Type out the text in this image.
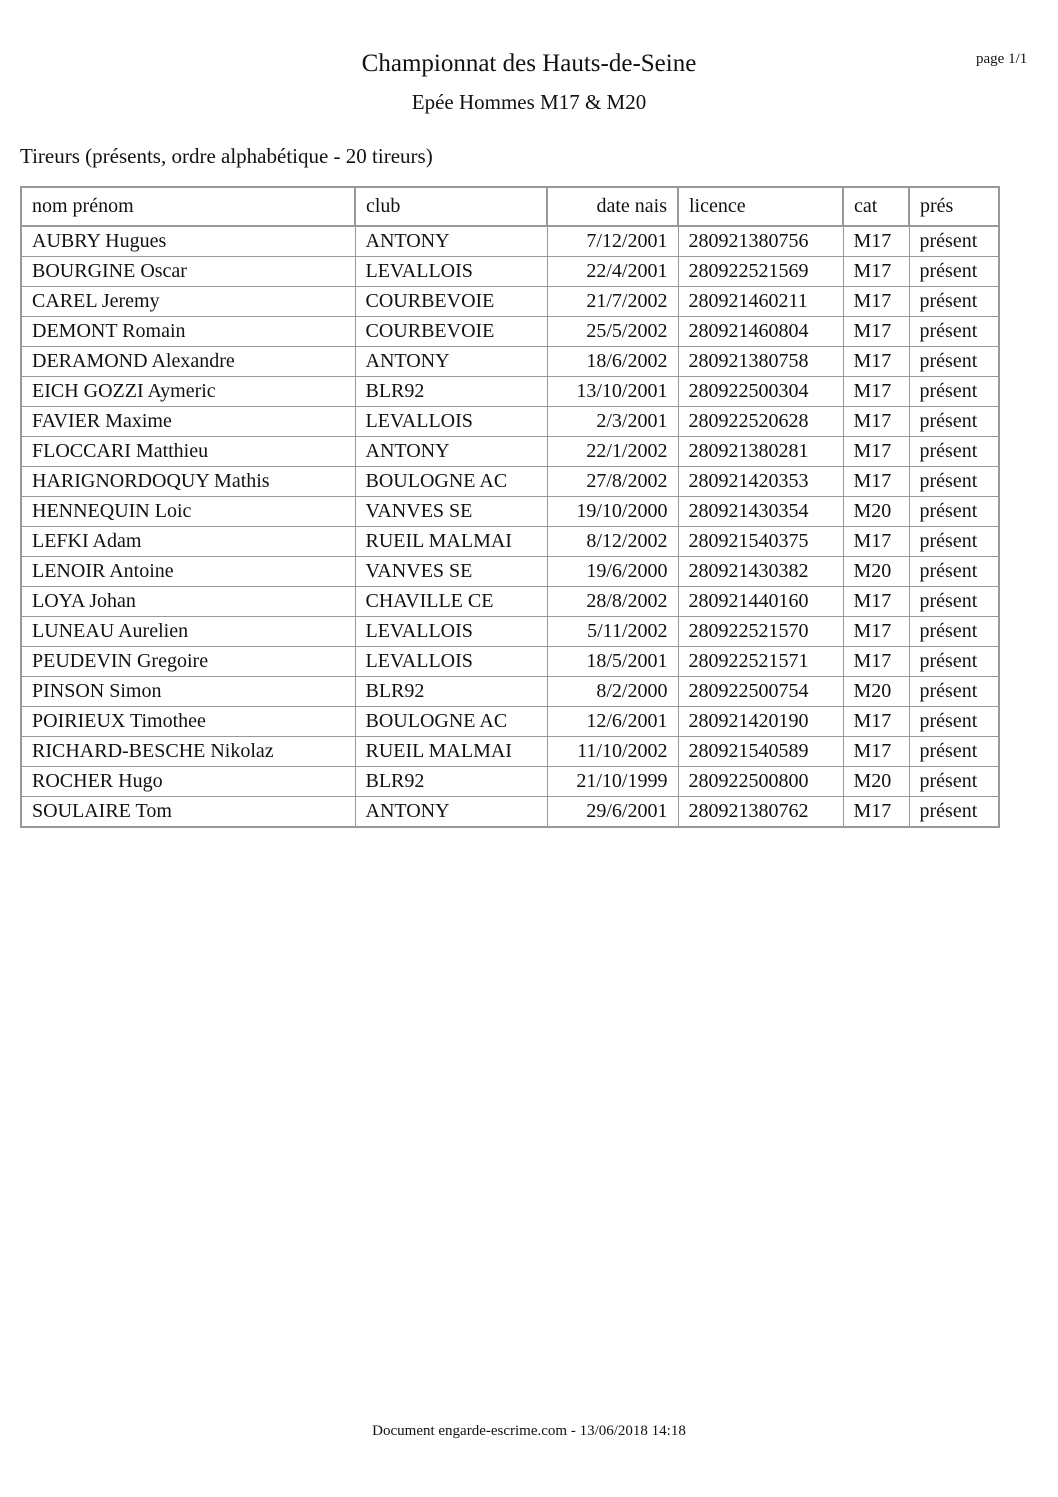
Championnat des Hauts-de-Seine
Epée Hommes M17 & M20
page 1/1
Tireurs (présents, ordre alphabétique - 20 tireurs)
nom prénom	club	date nais	licence	cat	prés
AUBRY Hugues	ANTONY	7/12/2001	280921380756	M17	présent
BOURGINE Oscar	LEVALLOIS	22/4/2001	280922521569	M17	présent
CAREL Jeremy	COURBEVOIE	21/7/2002	280921460211	M17	présent
DEMONT Romain	COURBEVOIE	25/5/2002	280921460804	M17	présent
DERAMOND Alexandre	ANTONY	18/6/2002	280921380758	M17	présent
EICH GOZZI Aymeric	BLR92	13/10/2001	280922500304	M17	présent
FAVIER Maxime	LEVALLOIS	2/3/2001	280922520628	M17	présent
FLOCCARI Matthieu	ANTONY	22/1/2002	280921380281	M17	présent
HARIGNORDOQUY Mathis	BOULOGNE AC	27/8/2002	280921420353	M17	présent
HENNEQUIN Loic	VANVES SE	19/10/2000	280921430354	M20	présent
LEFKI Adam	RUEIL MALMAI	8/12/2002	280921540375	M17	présent
LENOIR Antoine	VANVES SE	19/6/2000	280921430382	M20	présent
LOYA Johan	CHAVILLE CE	28/8/2002	280921440160	M17	présent
LUNEAU Aurelien	LEVALLOIS	5/11/2002	280922521570	M17	présent
PEUDEVIN Gregoire	LEVALLOIS	18/5/2001	280922521571	M17	présent
PINSON Simon	BLR92	8/2/2000	280922500754	M20	présent
POIRIEUX Timothee	BOULOGNE AC	12/6/2001	280921420190	M17	présent
RICHARD-BESCHE Nikolaz	RUEIL MALMAI	11/10/2002	280921540589	M17	présent
ROCHER Hugo	BLR92	21/10/1999	280922500800	M20	présent
SOULAIRE Tom	ANTONY	29/6/2001	280921380762	M17	présent
Document engarde-escrime.com - 13/06/2018 14:18
